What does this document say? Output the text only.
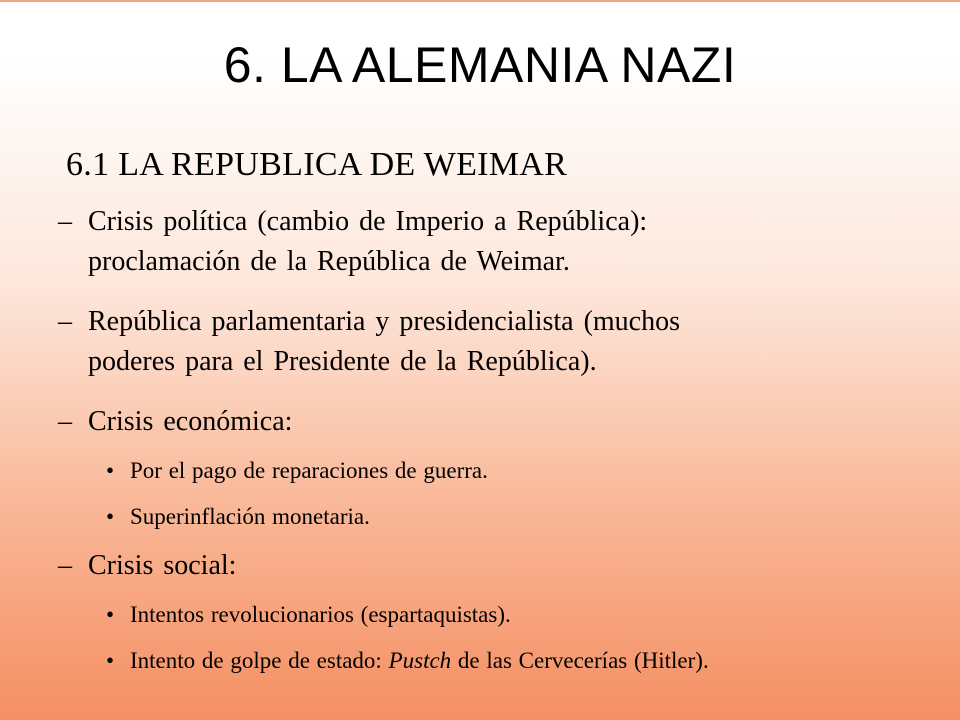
6. LA ALEMANIA NAZI
6.1 LA REPUBLICA DE WEIMAR

– Crisis política (cambio de Imperio a República):
proclamación de la República de Weimar.

– República parlamentaria y presidencialista (muchos
poderes para el Presidente de la República).

– Crisis económica:

• Por el pago de reparaciones de guerra.

• Superinflación monetaria.

– Crisis social:

• Intentos revolucionarios (espartaquistas).

• Intento de golpe de estado: Pustch de las Cervecerías (Hitler).
